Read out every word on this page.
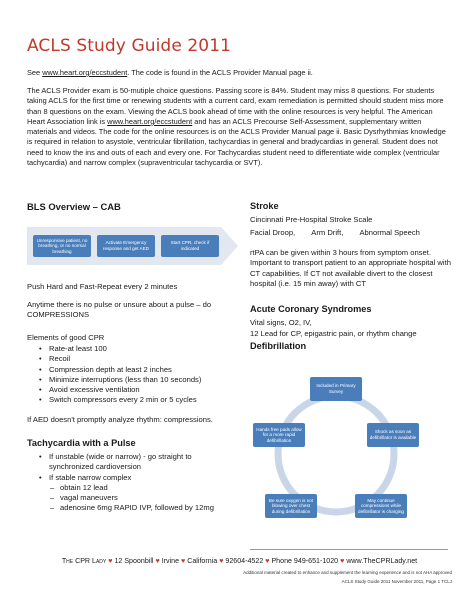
ACLS Study Guide 2011
See www.heart.org/eccstudent. The code is found in the ACLS Provider Manual page ii.

The ACLS Provider exam is 50-mutiple choice questions. Passing score is 84%. Student may miss 8 questions. For students taking ACLS for the first time or renewing students with a current card, exam remediation is permitted should student miss more than 8 questions on the exam. Viewing the ACLS book ahead of time with the online resources is very helpful. The American Heart Association link is www.heart.org/eccstudent and has an ACLS Precourse Self-Assessment, supplementary written materials and videos. The code for the online resources is on the ACLS Provider Manual page ii. Basic Dysrhythmias knowledge is required in relation to asystole, ventricular fibrillation, tachycardias in general and bradycardias in general. Student does not need to know the ins and outs of each and every one. For Tachycardias student need to differentiate wide complex (ventricular tachycardia) and narrow complex (supraventricular tachycardia or SVT).

BLS Overview – CAB
Unresponsive patient, no breathing, or no normal breathing
Activate Emergency response and get AED
Start CPR, check if indicated

Push Hard and Fast-Repeat every 2 minutes

Anytime there is no pulse or unsure about a pulse – do COMPRESSIONS

Elements of good CPR

• Rate-at least 100
• Recoil
• Compression depth at least 2 inches
• Minimize interruptions (less than 10 seconds)
• Avoid excessive ventilation
• Switch compressors every 2 min or 5 cycles

If AED doesn't promptly analyze rhythm: compressions.

Tachycardia with a Pulse
• If unstable (wide or narrow) - go straight to
synchronized cardioversion
• If stable narrow complex
– obtain 12 lead
– vagal maneuvers
– adenosine 6mg RAPID IVP, followed by 12mg
Stroke

Cincinnati Pre-Hospital Stroke Scale

Facial Droop, Arm Drift, Abnormal Speech

rtPA can be given within 3 hours from symptom onset. Important to transport patient to an appropriate hospital with CT capabilities. If CT not available divert to the closest hospital (i.e. 15 min away) with CT

Acute Coronary Syndromes

Vital signs, O2, IV,

12 Lead for CP, epigastric pain, or rhythm change

Defibrillation
Included in Primary Survey
Shock as soon as defibrillator is available
May continue compressions while defibrillator is charging
Be sure oxygen is not blowing over chest during defibrillation
Hands free pads allow for a more rapid defibrillation

The CPR Lady ♥ 12 Spoonbill ♥ Irvine ♥ California ♥ 92604-4522 ♥ Phone 949-651-1020 ♥ www.TheCPRLady.net

Additional material created to enhance and supplement the learning experience and is not AHA approved

ACLS Study Guide 2011 November 2011, Page 1 TCLJ
